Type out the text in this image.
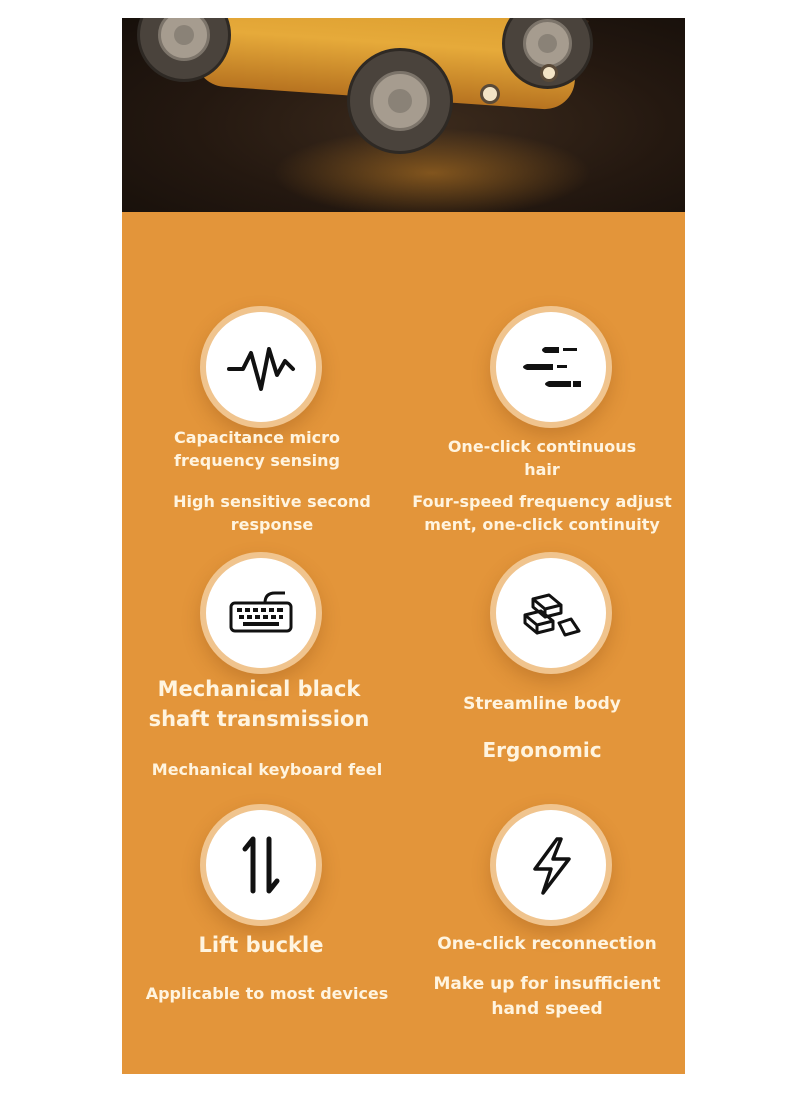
Capacitance micro
frequency sensing
High sensitive second
response
One-click continuous
hair
Four-speed frequency adjust
ment, one-click continuity
Mechanical black
shaft transmission
Mechanical keyboard feel
Streamline body
Ergonomic
Lift buckle
Applicable to most devices
One-click reconnection
Make up for insufficient
hand speed
